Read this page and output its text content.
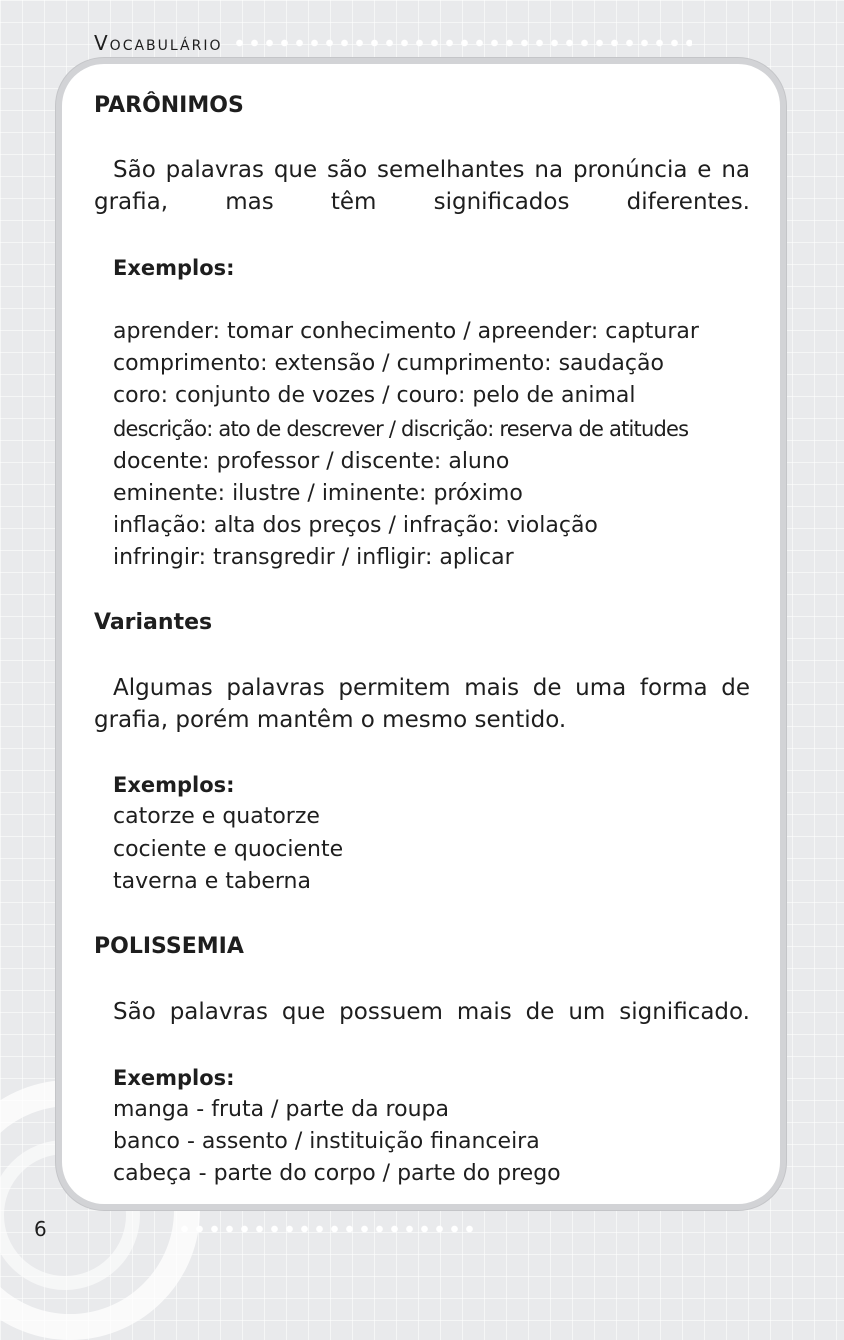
Vocabulário
PARÔNIMOS
São palavras que são semelhantes na pronúncia e na
grafia, mas têm significados diferentes.
Exemplos:
aprender: tomar conhecimento / apreender: capturar
comprimento: extensão / cumprimento: saudação
coro: conjunto de vozes / couro: pelo de animal
descrição: ato de descrever / discrição: reserva de atitudes
docente: professor / discente: aluno
eminente: ilustre / iminente: próximo
inflação: alta dos preços / infração: violação
infringir: transgredir / infligir: aplicar
Variantes
Algumas palavras permitem mais de uma forma de
grafia, porém mantêm o mesmo sentido.
Exemplos:
catorze e quatorze
cociente e quociente
taverna e taberna
POLISSEMIA
São palavras que possuem mais de um significado.
Exemplos:
manga - fruta / parte da roupa
banco - assento / instituição financeira
cabeça - parte do corpo / parte do prego
6
